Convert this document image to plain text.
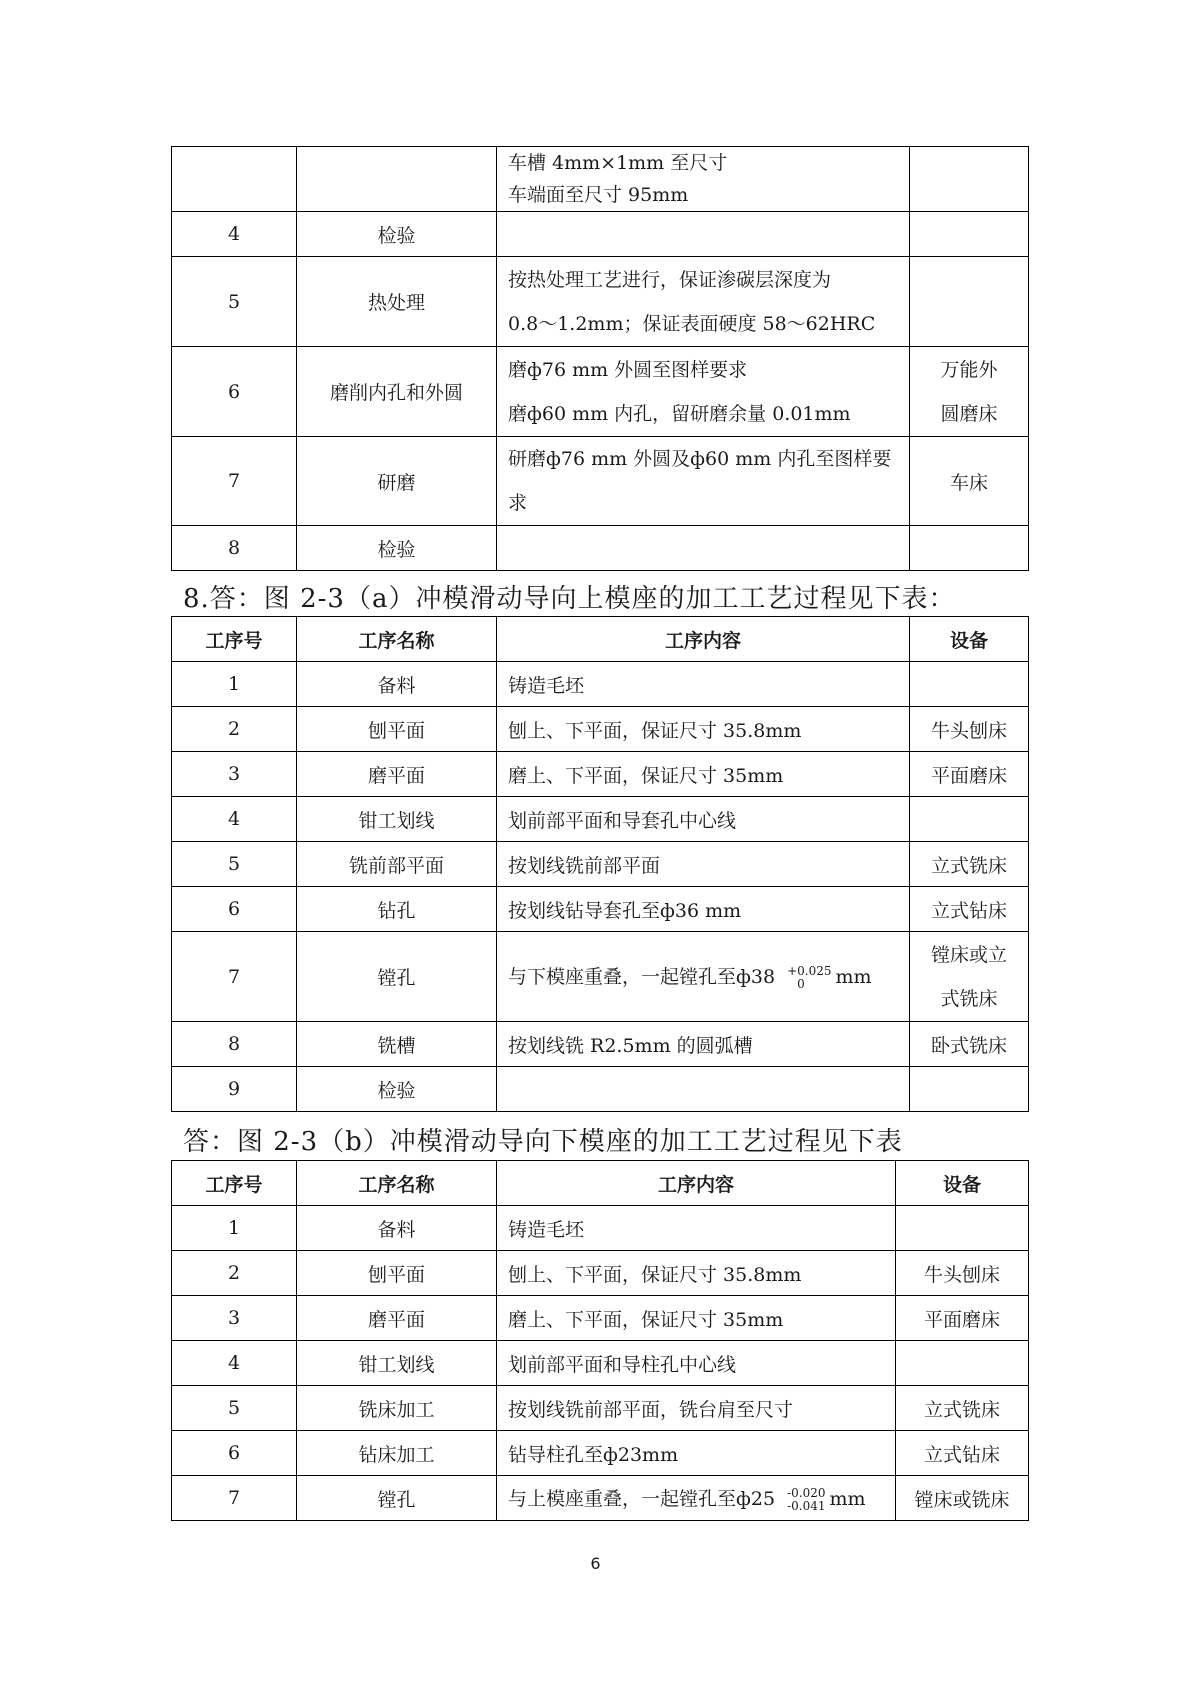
		车槽 4mm×1mm 至尺寸
车端面至尺寸 95mm	

4	检验		
5	热处理	按热处理工艺进行，保证渗碳层深度为
0.8～1.2mm；保证表面硬度 58～62HRC	

6	磨削内孔和外圆	磨ф76 mm 外圆至图样要求
磨ф60 mm 内孔，留研磨余量 0.01mm	万能外
圆磨床

7	研磨	研磨ф76 mm 外圆及ф60 mm 内孔至图样要
求	车床
8	检验		
8.答：图 2-3（a）冲模滑动导向上模座的加工工艺过程见下表：
工序号	工序名称	工序内容	设备
1	备料	铸造毛坯	
2	刨平面	刨上、下平面，保证尺寸 35.8mm	牛头刨床
3	磨平面	磨上、下平面，保证尺寸 35mm	平面磨床
4	钳工划线	划前部平面和导套孔中心线	
5	铣前部平面	按划线铣前部平面	立式铣床
6	钻孔	按划线钻导套孔至ф36 mm	立式钻床
7	镗孔	与下模座重叠，一起镗孔至ф38 +0.025
0 mm	镗床或立
式铣床

8	铣槽	按划线铣 R2.5mm 的圆弧槽	卧式铣床
9	检验		
答：图 2-3（b）冲模滑动导向下模座的加工工艺过程见下表
工序号	工序名称	工序内容	设备
1	备料	铸造毛坯	
2	刨平面	刨上、下平面，保证尺寸 35.8mm	牛头刨床
3	磨平面	磨上、下平面，保证尺寸 35mm	平面磨床
4	钳工划线	划前部平面和导柱孔中心线	
5	铣床加工	按划线铣前部平面，铣台肩至尺寸	立式铣床
6	钻床加工	钻导柱孔至ф23mm	立式钻床
7	镗孔	与上模座重叠，一起镗孔至ф25 -0.020
-0.041 mm	镗床或铣床
6
